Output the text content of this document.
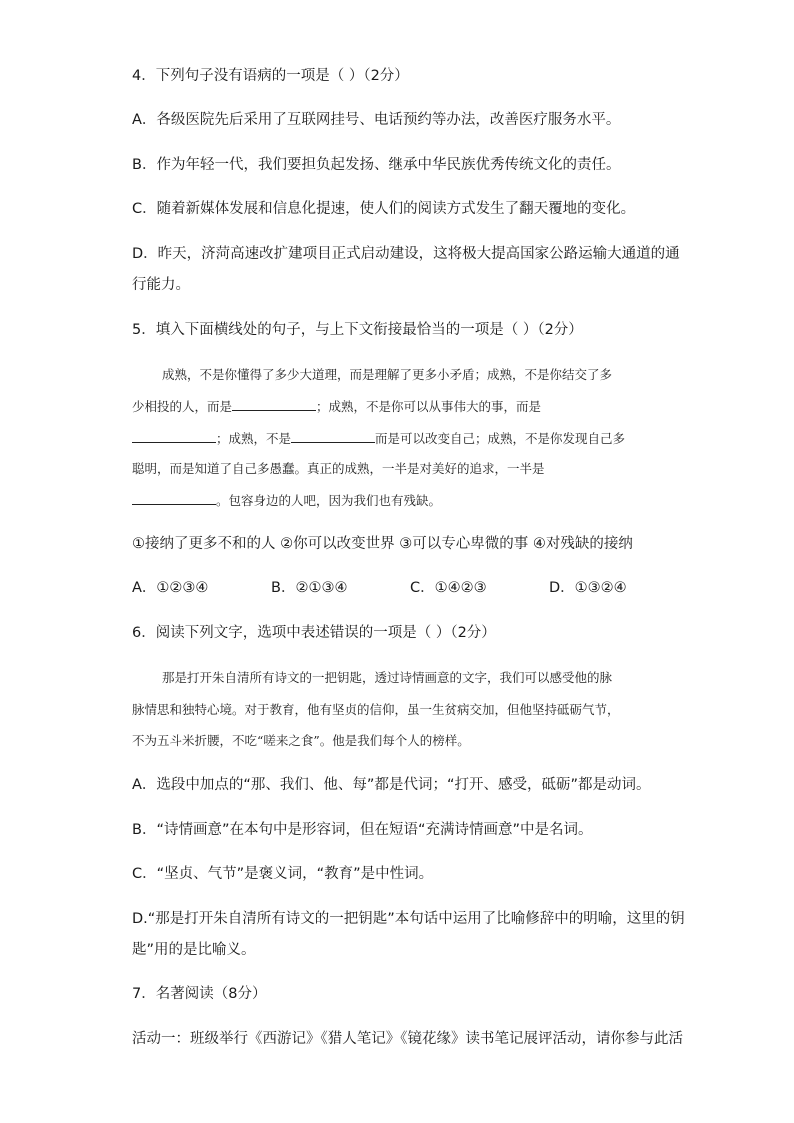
4．下列句子没有语病的一项是（ ）（2分）
A．各级医院先后采用了互联网挂号、电话预约等办法，改善医疗服务水平。
B．作为年轻一代，我们要担负起发扬、继承中华民族优秀传统文化的责任。
C．随着新媒体发展和信息化提速，使人们的阅读方式发生了翻天覆地的变化。
D．昨天，济菏高速改扩建项目正式启动建设，这将极大提高国家公路运输大通道的通
行能力。
5．填入下面横线处的句子，与上下文衔接最恰当的一项是（ ）（2分）
成熟，不是你懂得了多少大道理，而是理解了更多小矛盾；成熟，不是你结交了多
少相投的人，而是	；成熟，不是你可以从事伟大的事，而是
；成熟，不是	而是可以改变自己；成熟，不是你发现自己多
聪明，而是知道了自己多愚蠢。真正的成熟，一半是对美好的追求，一半是
。包容身边的人吧，因为我们也有残缺。
①接纳了更多不和的人 ②你可以改变世界 ③可以专心卑微的事 ④对残缺的接纳
A．①②③④	B．②①③④	C．①④②③	D．①③②④
6．阅读下列文字，选项中表述错误的一项是（ ）（2分）
那是打开朱自清所有诗文的一把钥匙，透过诗情画意的文字，我们可以感受他的脉
脉情思和独特心境。对于教育，他有坚贞的信仰，虽一生贫病交加，但他坚持砥砺气节，
不为五斗米折腰，不吃“嗟来之食”。他是我们每个人的榜样。
A．选段中加点的“那、我们、他、每”都是代词；“打开、感受，砥砺”都是动词。
B．“诗情画意”在本句中是形容词，但在短语“充满诗情画意”中是名词。
C．“坚贞、气节”是褒义词，“教育”是中性词。
D.“那是打开朱自清所有诗文的一把钥匙”本句话中运用了比喻修辞中的明喻，这里的钥
匙”用的是比喻义。
7．名著阅读（8分）
活动一：班级举行《西游记》《猎人笔记》《镜花缘》读书笔记展评活动，请你参与此活
